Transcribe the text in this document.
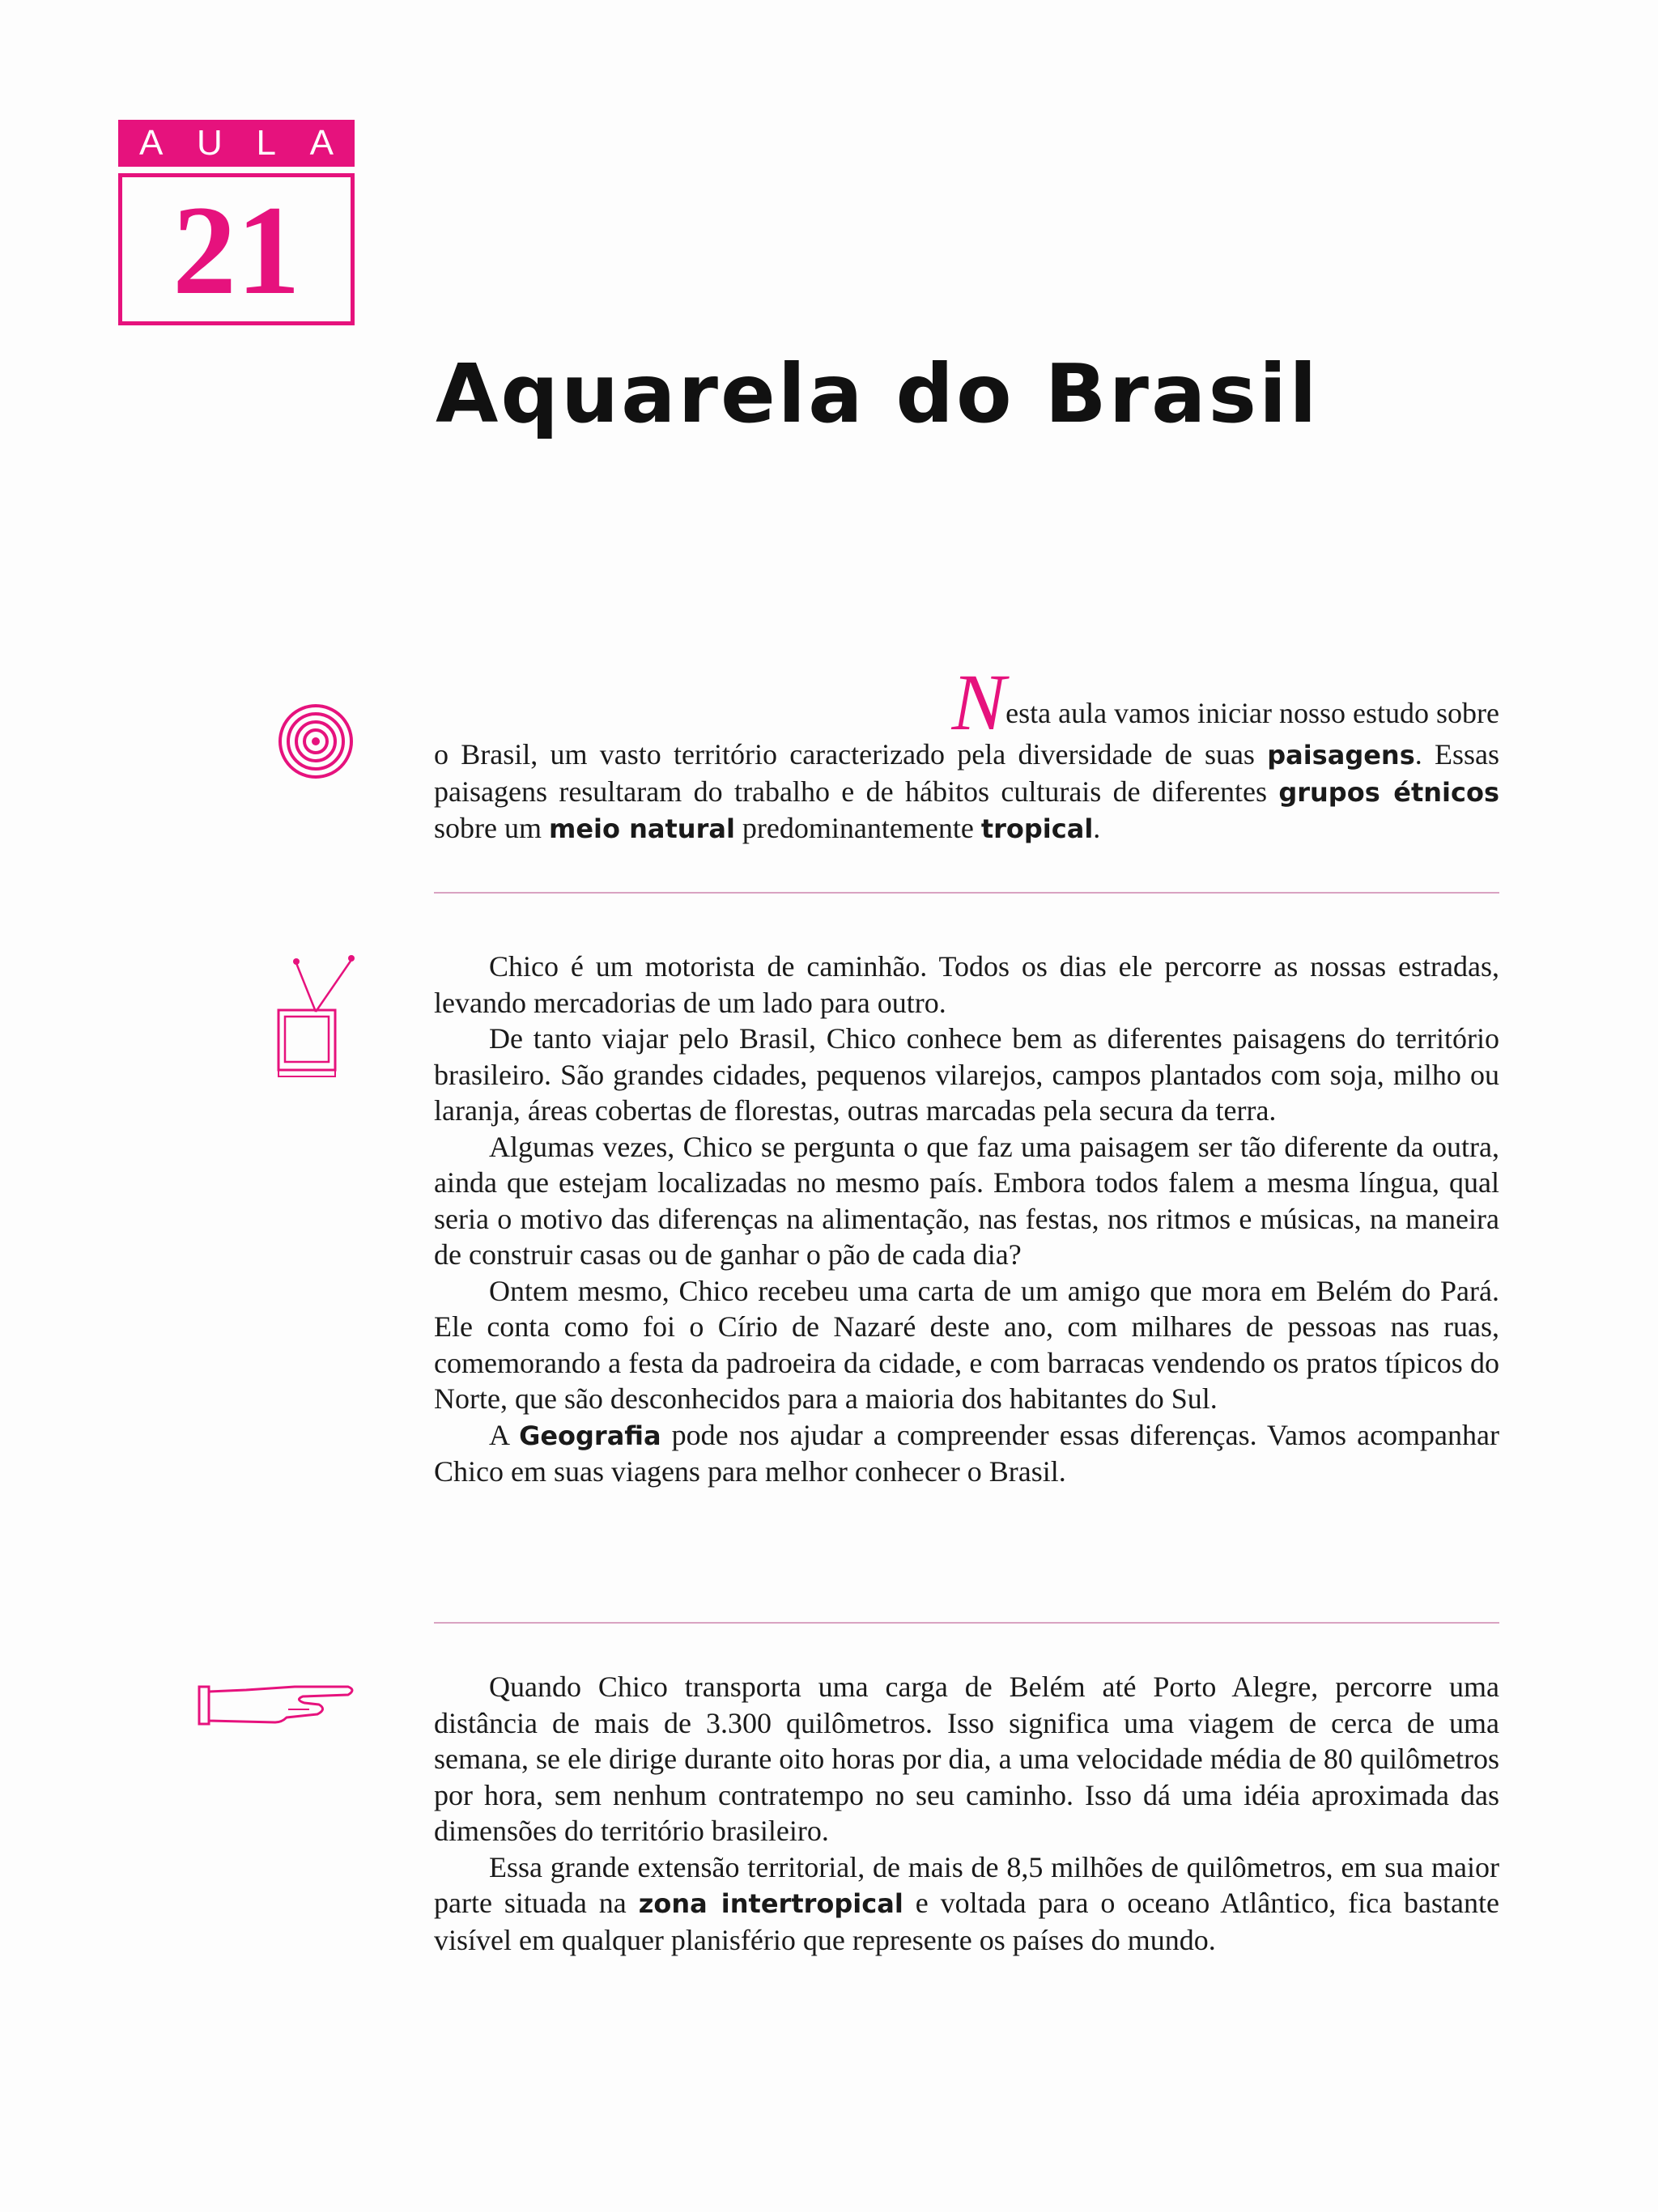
A U L A
21
Aquarela do Brasil

Nesta aula vamos iniciar nosso estudo sobre

o Brasil, um vasto território caracterizado pela diversidade de suas paisagens. Essas paisagens resultaram do trabalho e de hábitos culturais de diferentes grupos étnicos sobre um meio natural predominantemente tropical.

Chico é um motorista de caminhão. Todos os dias ele percorre as nossas estradas, levando mercadorias de um lado para outro.

De tanto viajar pelo Brasil, Chico conhece bem as diferentes paisagens do território brasileiro. São grandes cidades, pequenos vilarejos, campos plantados com soja, milho ou laranja, áreas cobertas de florestas, outras marcadas pela secura da terra.

Algumas vezes, Chico se pergunta o que faz uma paisagem ser tão diferente da outra, ainda que estejam localizadas no mesmo país. Embora todos falem a mesma língua, qual seria o motivo das diferenças na alimentação, nas festas, nos ritmos e músicas, na maneira de construir casas ou de ganhar o pão de cada dia?

Ontem mesmo, Chico recebeu uma carta de um amigo que mora em Belém do Pará. Ele conta como foi o Círio de Nazaré deste ano, com milhares de pessoas nas ruas, comemorando a festa da padroeira da cidade, e com barracas vendendo os pratos típicos do Norte, que são desconhecidos para a maioria dos habitantes do Sul.

A Geografia pode nos ajudar a compreender essas diferenças. Vamos acompanhar Chico em suas viagens para melhor conhecer o Brasil.

Quando Chico transporta uma carga de Belém até Porto Alegre, percorre uma distância de mais de 3.300 quilômetros. Isso significa uma viagem de cerca de uma semana, se ele dirige durante oito horas por dia, a uma velocidade média de 80 quilômetros por hora, sem nenhum contratempo no seu caminho. Isso dá uma idéia aproximada das dimensões do território brasileiro.

Essa grande extensão territorial, de mais de 8,5 milhões de quilômetros, em sua maior parte situada na zona intertropical e voltada para o oceano Atlântico, fica bastante visível em qualquer planisfério que represente os países do mundo.
